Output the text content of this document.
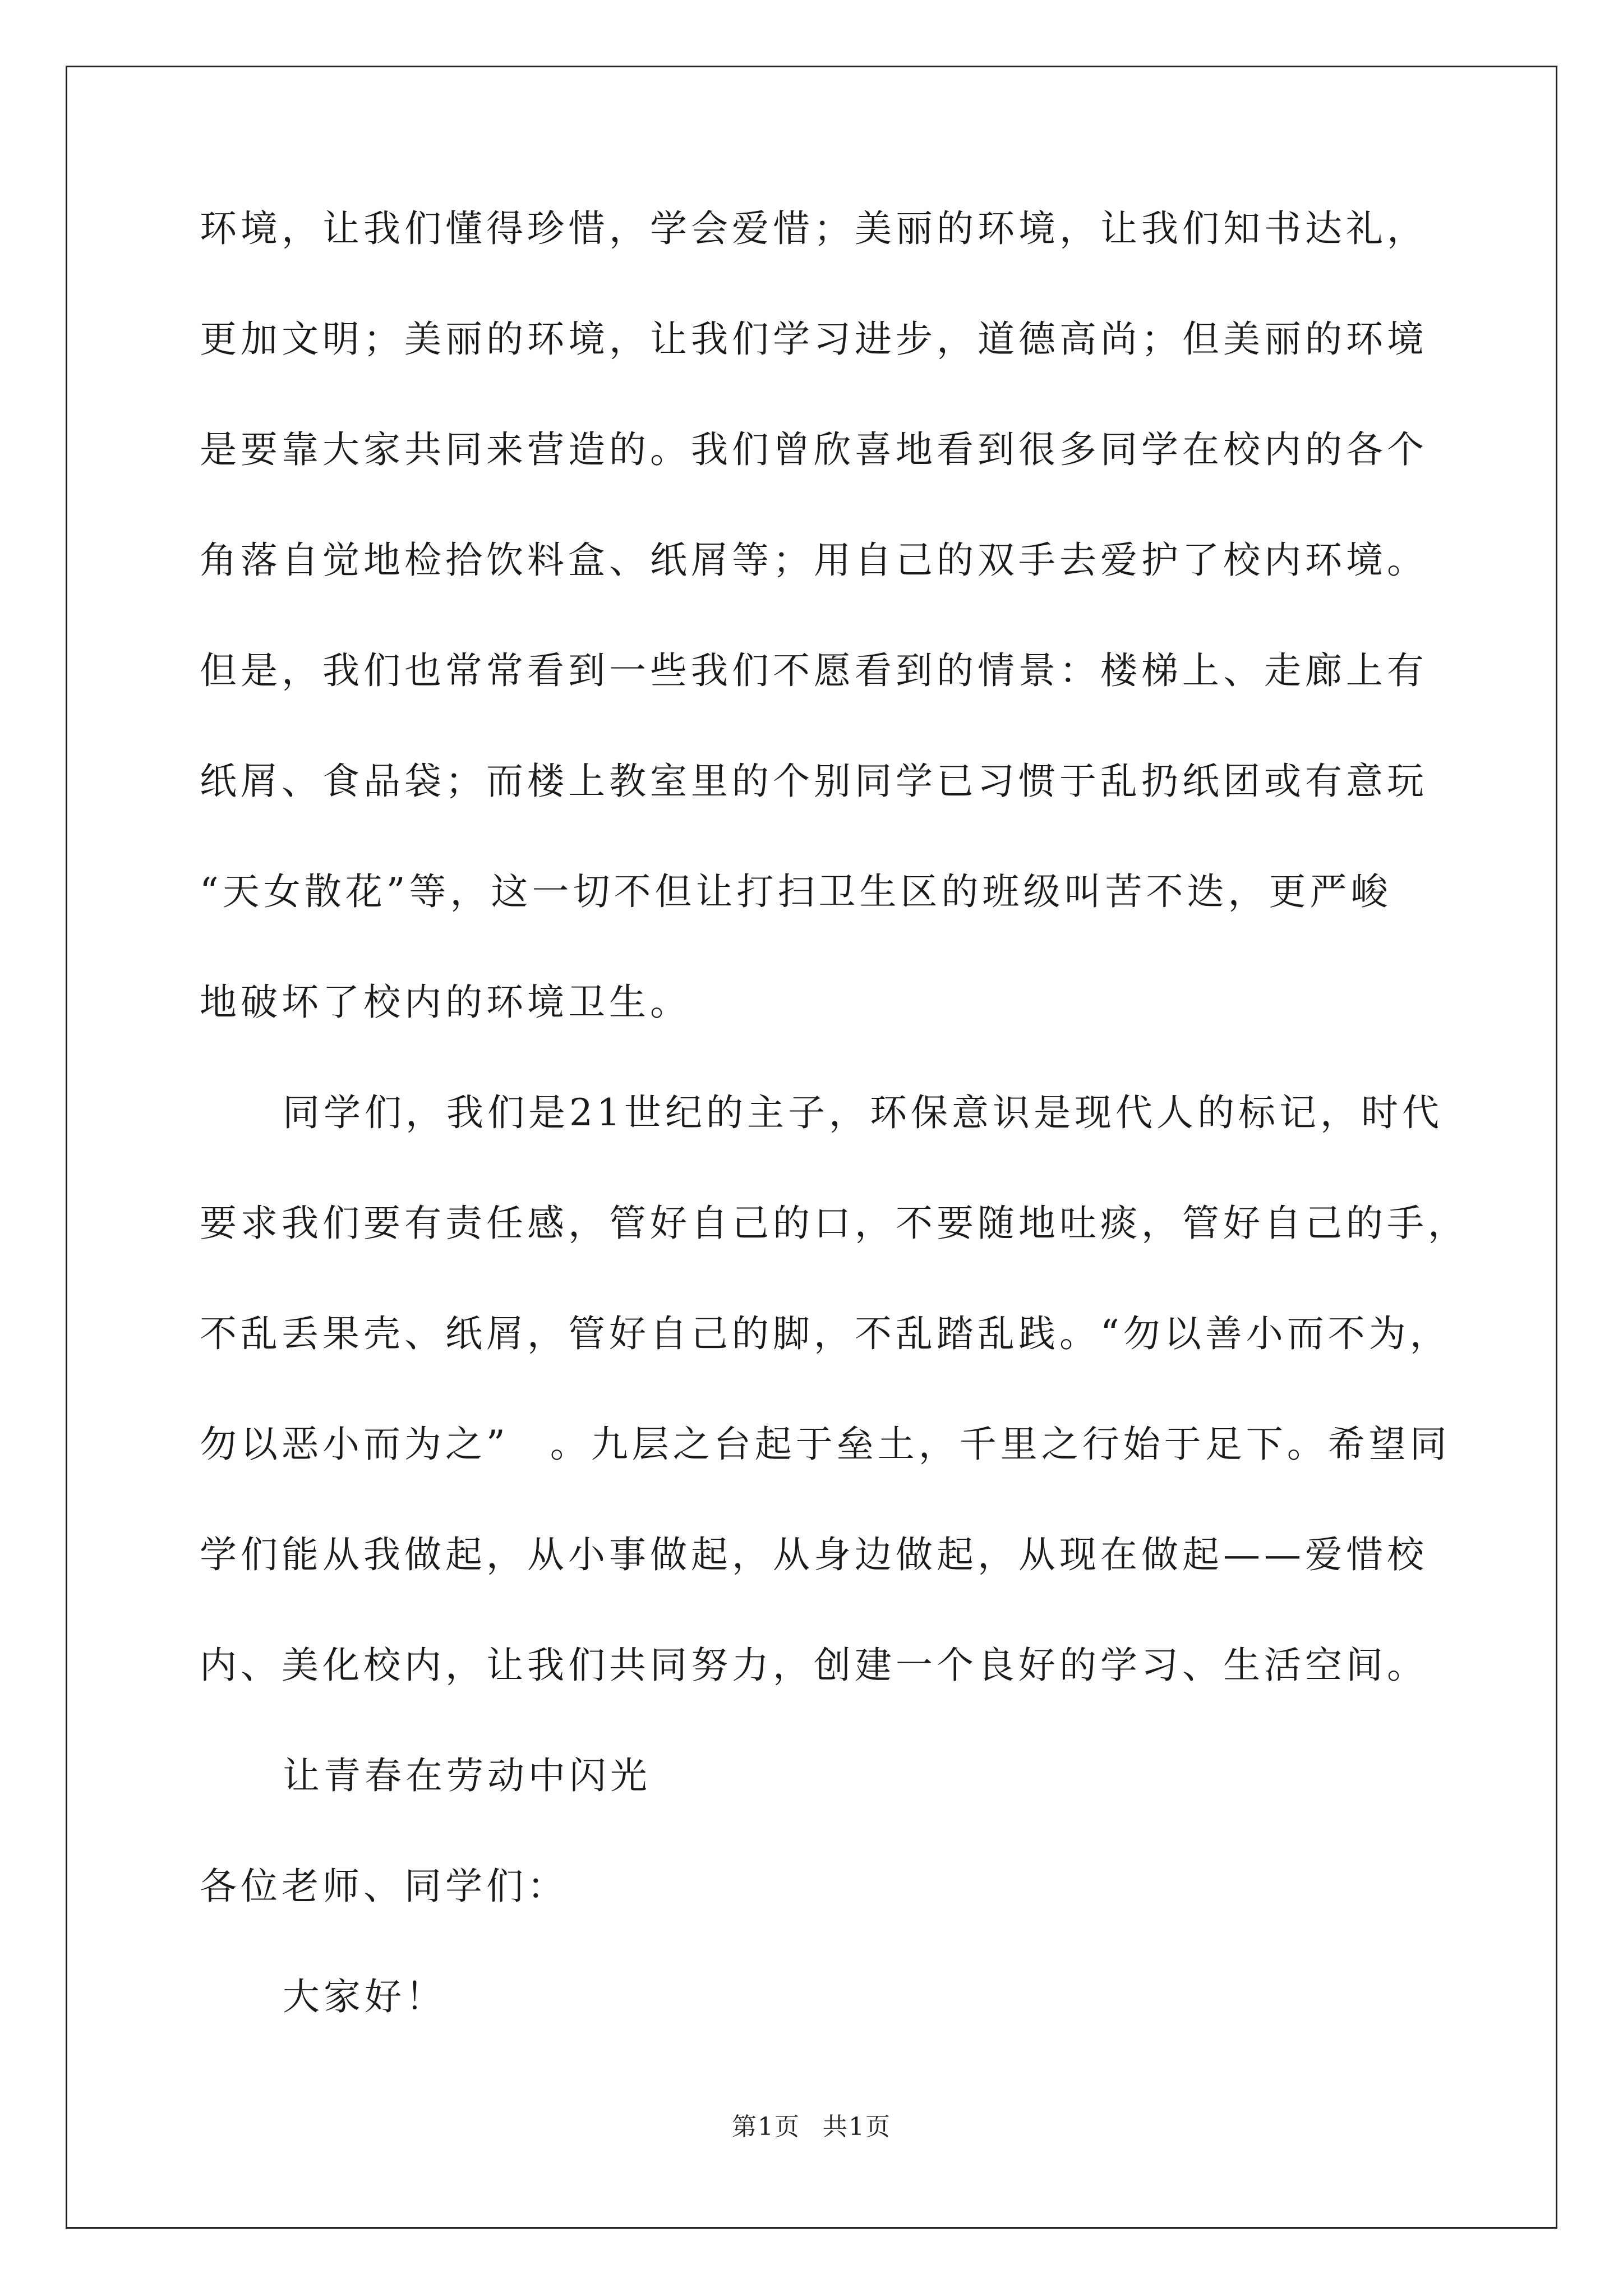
环境，让我们懂得珍惜，学会爱惜；美丽的环境，让我们知书达礼，
更加文明；美丽的环境，让我们学习进步，道德高尚；但美丽的环境
是要靠大家共同来营造的。我们曾欣喜地看到很多同学在校内的各个
角落自觉地检拾饮料盒、纸屑等；用自己的双手去爱护了校内环境。
但是，我们也常常看到一些我们不愿看到的情景：楼梯上、走廊上有
纸屑、食品袋；而楼上教室里的个别同学已习惯于乱扔纸团或有意玩
“天女散花”等，这一切不但让打扫卫生区的班级叫苦不迭，更严峻
地破坏了校内的环境卫生。
同学们，我们是21世纪的主子，环保意识是现代人的标记，时代
要求我们要有责任感，管好自己的口，不要随地吐痰，管好自己的手，
不乱丢果壳、纸屑，管好自己的脚，不乱踏乱践。“勿以善小而不为，
勿以恶小而为之”　。九层之台起于垒土，千里之行始于足下。希望同
学们能从我做起，从小事做起，从身边做起，从现在做起——爱惜校
内、美化校内，让我们共同努力，创建一个良好的学习、生活空间。
让青春在劳动中闪光
各位老师、同学们：
大家好！
第1页 共1页
